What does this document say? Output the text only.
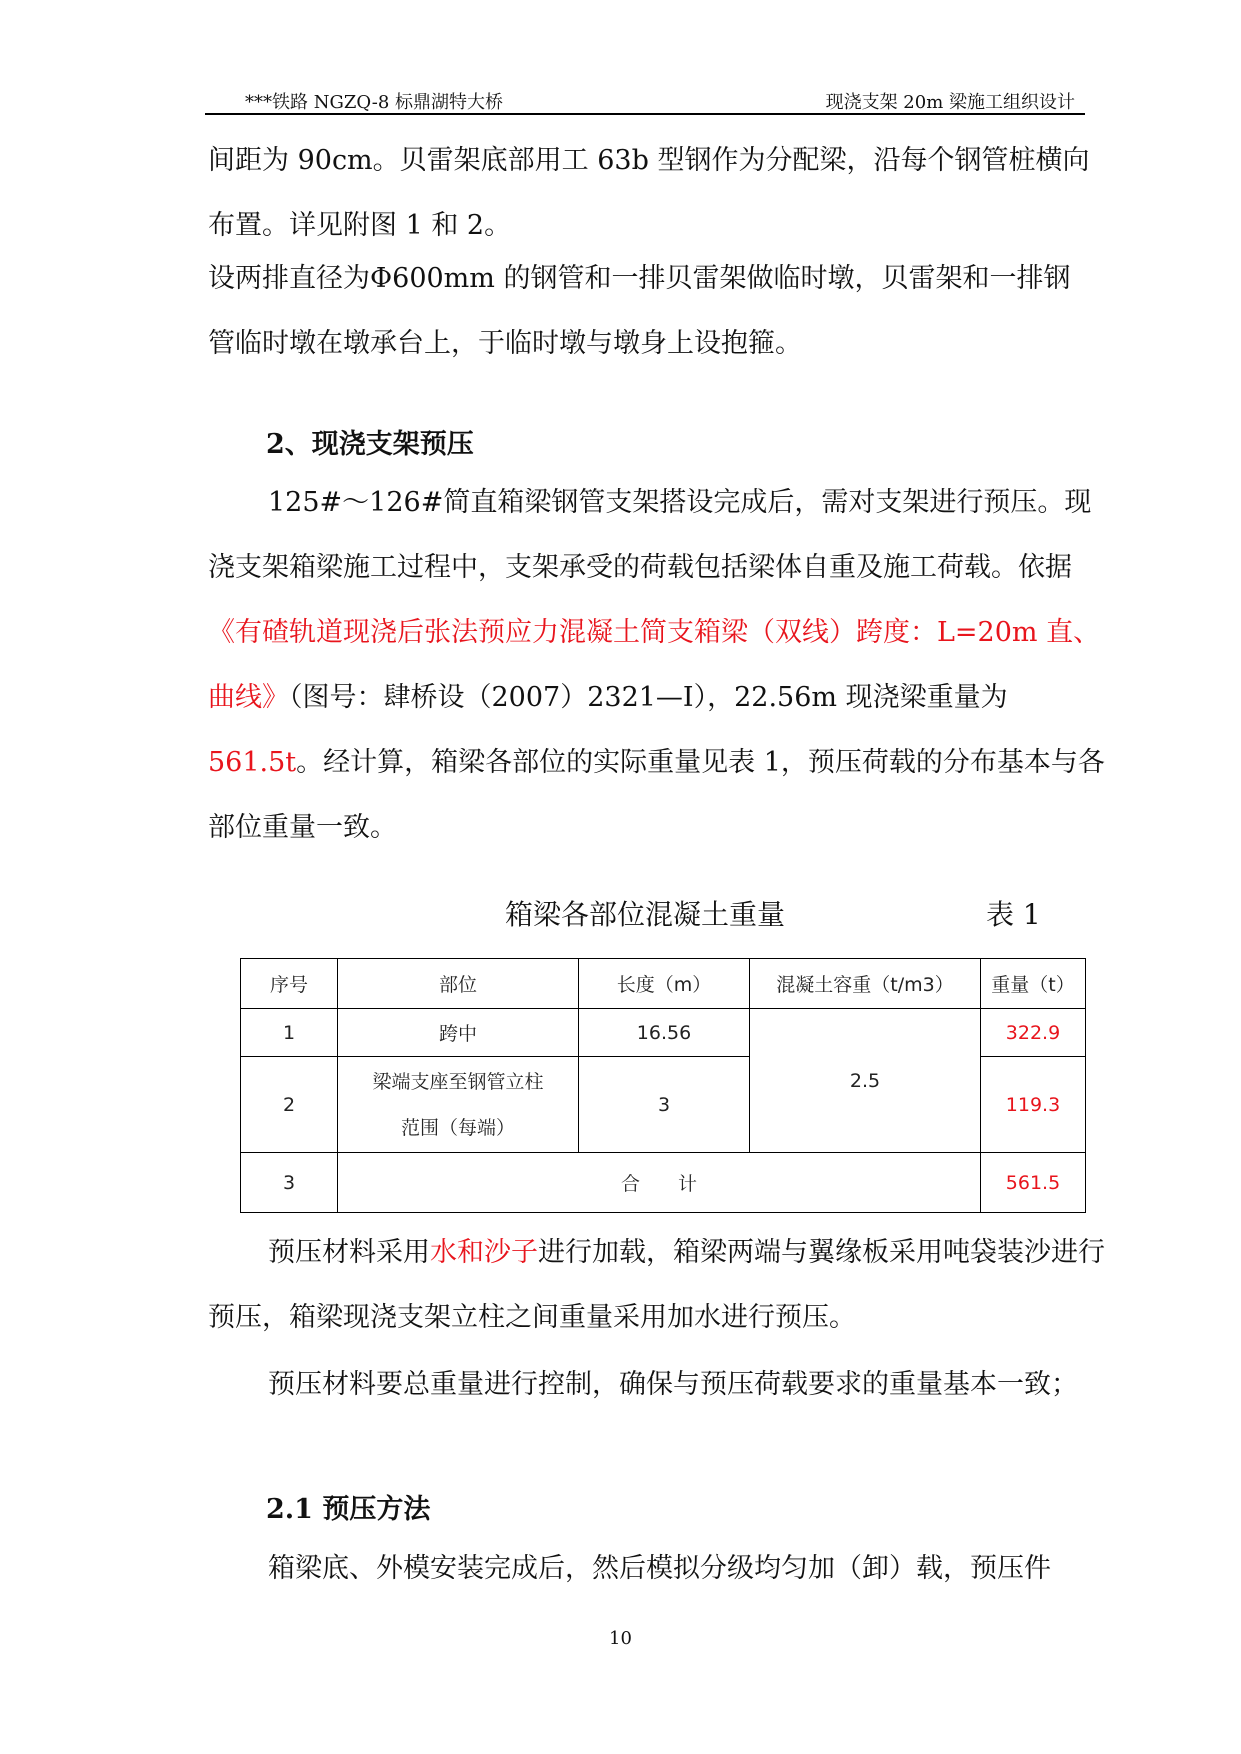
***铁路 NGZQ-8 标鼎湖特大桥	现浇支架 20m 梁施工组织设计

间距为 90cm。贝雷架底部用工 63b 型钢作为分配梁，沿每个钢管桩横向
布置。详见附图 1 和 2。

设两排直径为Φ600mm 的钢管和一排贝雷架做临时墩，贝雷架和一排钢
管临时墩在墩承台上，于临时墩与墩身上设抱箍。

2、现浇支架预压

125#～126#简直箱梁钢管支架搭设完成后，需对支架进行预压。现浇支架箱梁施工过程中，支架承受的荷载包括梁体自重及施工荷载。依据《有碴轨道现浇后张法预应力混凝土简支箱梁（双线）跨度：L=20m 直、曲线》（图号：肆桥设（2007）2321—Ⅰ），22.56m 现浇梁重量为561.5t。经计算，箱梁各部位的实际重量见表 1，预压荷载的分布基本与各部位重量一致。

箱梁各部位混凝土重量	表 1
序号	部位	长度（m）	混凝土容重（t/m3）	重量（t）
1	跨中	16.56	2.5	322.9
2	梁端支座至钢管立柱
范围（每端）	3		119.3
3	合　　计			561.5

预压材料采用水和沙子进行加载，箱梁两端与翼缘板采用吨袋装沙进行预压，箱梁现浇支架立柱之间重量采用加水进行预压。

预压材料要总重量进行控制，确保与预压荷载要求的重量基本一致；

2.1 预压方法

箱梁底、外模安装完成后，然后模拟分级均匀加（卸）载，预压件

10
